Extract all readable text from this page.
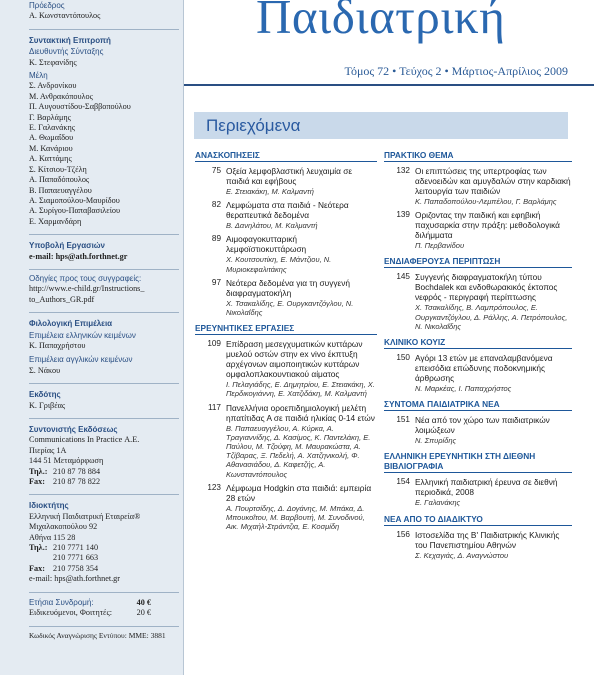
Πρόεδρος
Α. Κωνσταντόπουλος
Συντακτική Επιτροπή
Διευθυντής Σύνταξης
Κ. Στεφανίδης
Μέλη
Σ. Ανδρονίκου
Μ. Ανθρακόπουλος
Π. Αυγουστίδου-Σαββοπούλου
Γ. Βαρλάμης
Ε. Γαλανάκης
Α. Θωμαΐδου
Μ. Κανάριου
Α. Καττάμης
Σ. Κίτσιου-Τζέλη
Α. Παπαδόπουλος
Β. Παπαευαγγέλου
Α. Σιαμοπούλου-Μαυρίδου
Α. Συρίγου-Παπαβασιλείου
Ε. Χαρμανδάρη
Υποβολή Εργασιών
e-mail: hps@ath.forthnet.gr
Οδηγίες προς τους συγγραφείς:
http://www.e-child.gr/Instructions_
to_Authors_GR.pdf
Φιλολογική Επιμέλεια
Επιμέλεια ελληνικών κειμένων
Κ. Παπαχρήστου
Επιμέλεια αγγλικών κειμένων
Σ. Νάκου
Εκδότης
Κ. Γριβέας
Συντονιστής Εκδόσεως
Communications In Practice Α.Ε.
Πιερίας 1Α
144 51 Μεταμόρφωση
Τηλ.: 210 87 78 884
Fax: 210 87 78 822
Ιδιοκτήτης
Ελληνική Παιδιατρική Εταιρεία®
Μιχαλακοπούλου 92
Αθήνα 115 28
Τηλ.: 210 7771 140
210 7771 663
Fax: 210 7758 354
e-mail: hps@ath.forthnet.gr
Ετήσια Συνδρομή:	40 €
Ειδικευόμενοι, Φοιτητές:	20 €
Κωδικός Αναγνώρισης Εντύπου: ΜΜΕ: 3881
Παιδιατρική
Τόμος 72 • Τεύχος 2 • Μάρτιος-Απρίλιος 2009
Περιεχόμενα
ΑΝΑΣΚΟΠΗΣΕΙΣ
75 Οξεία λεμφοβλαστική λευχαιμία σε παιδιά και εφήβους
Ε. Στειακάκη, Μ. Καλμαντή
82 Λεμφώματα στα παιδιά - Νεότερα θεραπευτικά δεδομένα
Β. Δανηλάτου, Μ. Καλμαντή
89 Αιμοφαγοκυτταρική λεμφοϊστιοκυττάρωση
Χ. Κουτσουτίκη, Ε. Μάντζιου, Ν. Μυριοκεφαλιτάκης
97 Νεότερα δεδομένα για τη συγγενή διαφραγματοκήλη
Χ. Τσακαλίδης, Ε. Ουργκαντζόγλου, Ν. Νικολαΐδης
ΕΡΕΥΝΗΤΙΚΕΣ ΕΡΓΑΣΙΕΣ
109 Επίδραση μεσεγχυματικών κυττάρων μυελού οστών στην ex vivo έκπτυξη αρχέγονων αιμοποιητικών κυττάρων ομφαλοπλακουντιακού αίματος
Ι. Πελαγιάδης, Ε. Δημητρίου, Ε. Στειακάκη, Χ. Περδικογιάννη, Ε. Χατζιδάκη, Μ. Καλμαντή
117 Πανελλήνια οροεπιδημιολογική μελέτη ηπατίτιδας Α σε παιδιά ηλικίας 0-14 ετών
Β. Παπαευαγγέλου, Α. Κύρκα, Α. Τραγιαννίδης, Δ. Κασίμος, Κ. Παντελάκη, Ε. Παύλου, Μ. Τζούφη, Μ. Μαυρακώστα, Α. Τζίβαρας, Ξ. Πεδελή, Α. Χατζηνικολή, Φ. Αθανασιάδου, Δ. Καφετζής, Α. Κωνσταντόπουλος
123 Λέμφωμα Hodgkin στα παιδιά: εμπειρία 28 ετών
Α. Πουρτσίδης, Δ. Δογάνης, Μ. Μπάκα, Δ. Μπουκοΐτου, Μ. Βαρβουτή, Μ. Συνοδινού, Αικ. Μιχαήλ-Στράντζια, Ε. Κοσμίδη
ΠΡΑΚΤΙΚΟ ΘΕΜΑ
132 Οι επιπτώσεις της υπερτροφίας των αδενοειδών και αμυγδαλών στην καρδιακή λειτουργία των παιδιών
Κ. Παπαδοπούλου-Λεμπέλου, Γ. Βαρλάμης
139 Οριζοντας την παιδική και εφηβική παχυσαρκία στην πράξη: μεθοδολογικά διλήμματα
Π. Περβανίδου
ΕΝΔΙΑΦΕΡΟΥΣΑ ΠΕΡΙΠΤΩΣΗ
145 Συγγενής διαφραγματοκήλη τύπου Bochdalek και ενδοθωρακικός έκτοπος νεφρός - περιγραφή περίπτωσης
Χ. Τσακαλίδης, Β. Λαμπρόπουλος, Ε. Ουργκαντζόγλου, Δ. Ράλλης, Α. Πετρόπουλος, Ν. Νικολαΐδης
ΚΛΙΝΙΚΟ ΚΟΥΙΖ
150 Αγόρι 13 ετών με επαναλαμβανόμενα επεισόδια επώδυνης ποδοκνημικής άρθρωσης
Ν. Μαρκέας, Ι. Παπαχρήστος
ΣΥΝΤΟΜΑ ΠΑΙΔΙΑΤΡΙΚΑ ΝΕΑ
151 Νέα από τον χώρο των παιδιατρικών λοιμώξεων
Ν. Σπυρίδης
ΕΛΛΗΝΙΚΗ ΕΡΕΥΝΗΤΙΚΗ ΣΤΗ ΔΙΕΘΝΗ ΒΙΒΛΙΟΓΡΑΦΙΑ
154 Ελληνική παιδιατρική έρευνα σε διεθνή περιοδικά, 2008
Ε. Γαλανάκης
ΝΕΑ ΑΠΟ ΤΟ ΔΙΑΔΙΚΤΥΟ
156 Ιστοσελίδα της Β' Παιδιατρικής Κλινικής του Πανεπιστημίου Αθηνών
Σ. Κεχαγιάς, Δ. Αναγνώστου
